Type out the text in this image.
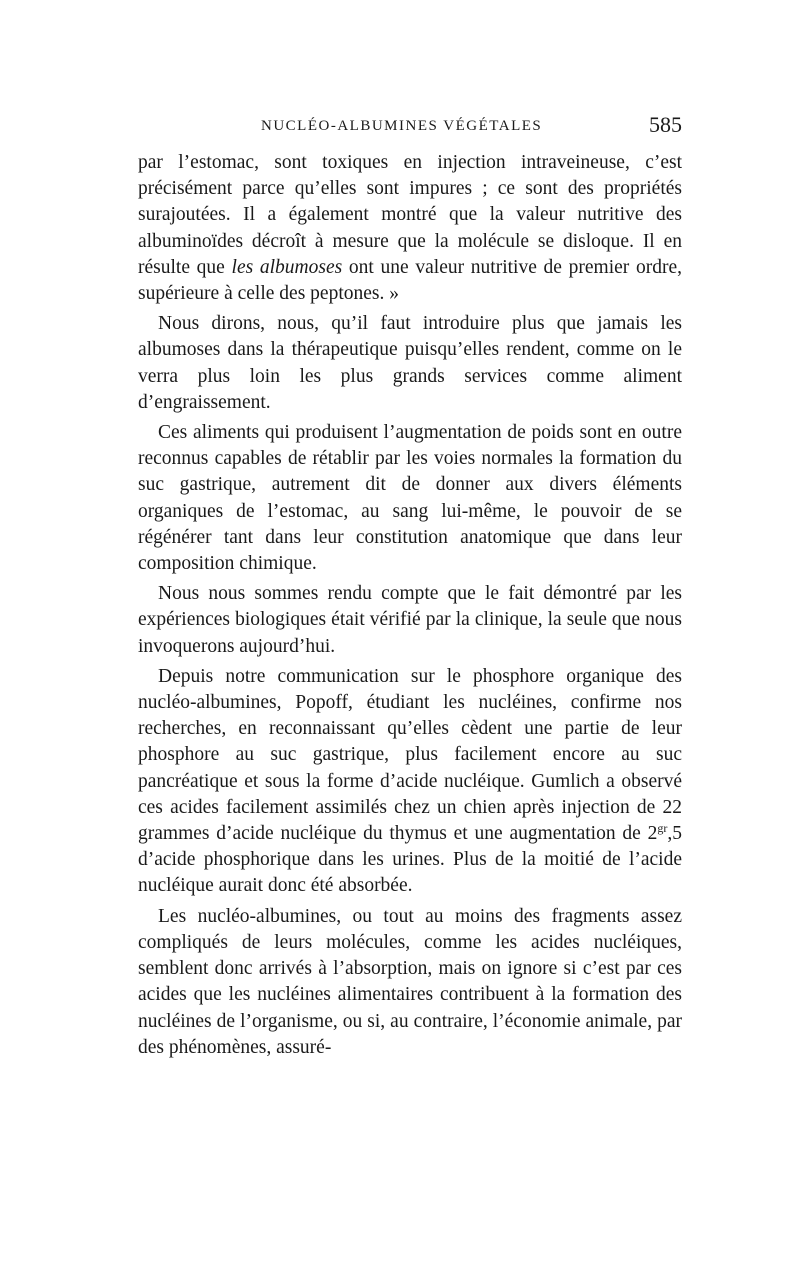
NUCLÉO-ALBUMINES VÉGÉTALES	585

par l’estomac, sont toxiques en injection intraveineuse, c’est précisément parce qu’elles sont impures ; ce sont des propriétés surajoutées. Il a également montré que la valeur nutritive des albuminoïdes décroît à mesure que la molécule se disloque. Il en résulte que les albumoses ont une valeur nutritive de premier ordre, supérieure à celle des peptones. »

Nous dirons, nous, qu’il faut introduire plus que jamais les albumoses dans la thérapeutique puisqu’elles rendent, comme on le verra plus loin les plus grands services comme aliment d’engraissement.

Ces aliments qui produisent l’augmentation de poids sont en outre reconnus capables de rétablir par les voies normales la formation du suc gastrique, autrement dit de donner aux divers éléments organiques de l’estomac, au sang lui-même, le pouvoir de se régénérer tant dans leur constitution anatomique que dans leur composition chimique.

Nous nous sommes rendu compte que le fait démontré par les expériences biologiques était vérifié par la clinique, la seule que nous invoquerons aujourd’hui.

Depuis notre communication sur le phosphore organique des nucléo-albumines, Popoff, étudiant les nucléines, confirme nos recherches, en reconnaissant qu’elles cèdent une partie de leur phosphore au suc gastrique, plus facilement encore au suc pancréatique et sous la forme d’acide nucléique. Gumlich a observé ces acides facilement assimilés chez un chien après injection de 22 grammes d’acide nucléique du thymus et une augmentation de $2^{gr},5$ d’acide phosphorique dans les urines. Plus de la moitié de l’acide nucléique aurait donc été absorbée.

Les nucléo-albumines, ou tout au moins des fragments assez compliqués de leurs molécules, comme les acides nucléiques, semblent donc arrivés à l’absorption, mais on ignore si c’est par ces acides que les nucléines alimentaires contribuent à la formation des nucléines de l’organisme, ou si, au contraire, l’économie animale, par des phénomènes, assuré-
